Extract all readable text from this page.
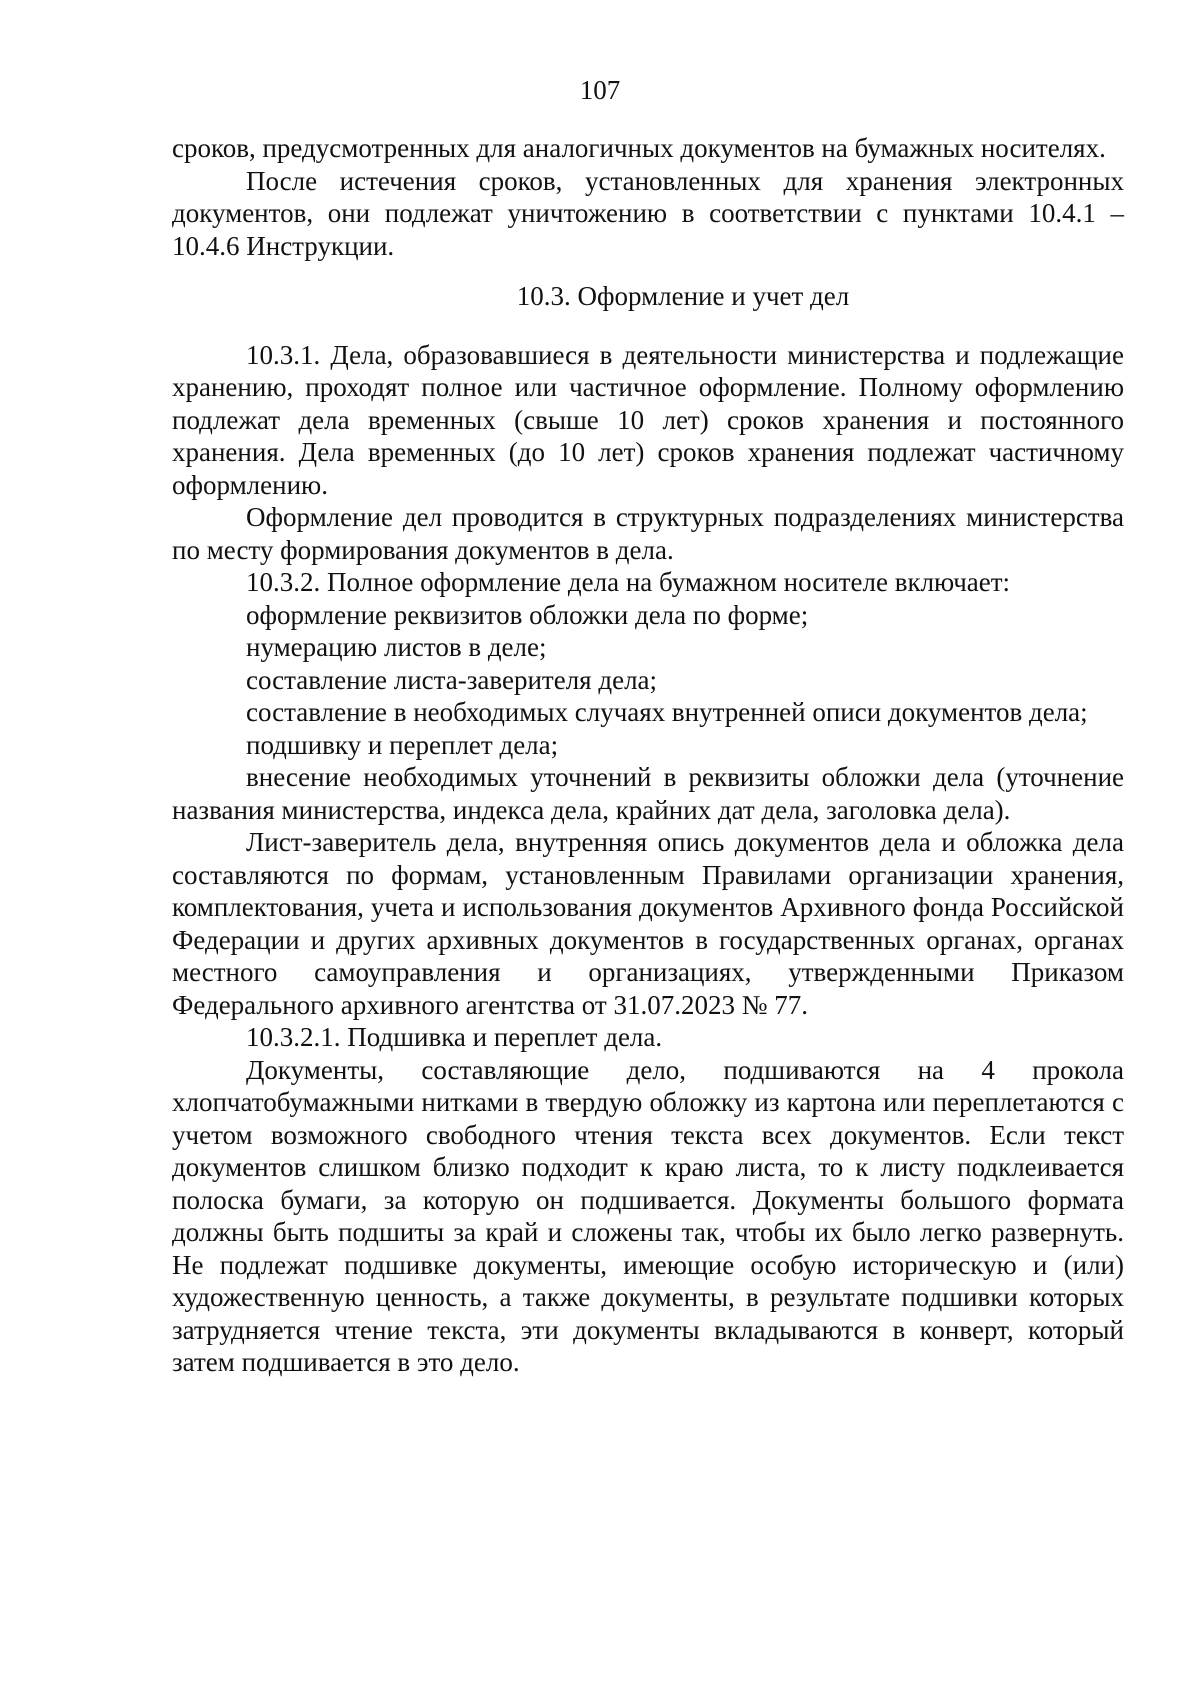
107

сроков, предусмотренных для аналогичных документов на бумажных носителях.

После истечения сроков, установленных для хранения электронных документов, они подлежат уничтожению в соответствии с пунктами 10.4.1 – 10.4.6 Инструкции.

10.3. Оформление и учет дел

10.3.1. Дела, образовавшиеся в деятельности министерства и подлежащие хранению, проходят полное или частичное оформление. Полному оформлению подлежат дела временных (свыше 10 лет) сроков хранения и постоянного хранения. Дела временных (до 10 лет) сроков хранения подлежат частичному оформлению.

Оформление дел проводится в структурных подразделениях министерства по месту формирования документов в дела.

10.3.2. Полное оформление дела на бумажном носителе включает:

оформление реквизитов обложки дела по форме;

нумерацию листов в деле;

составление листа-заверителя дела;

составление в необходимых случаях внутренней описи документов дела;

подшивку и переплет дела;

внесение необходимых уточнений в реквизиты обложки дела (уточнение названия министерства, индекса дела, крайних дат дела, заголовка дела).

Лист-заверитель дела, внутренняя опись документов дела и обложка дела составляются по формам, установленным Правилами организации хранения, комплектования, учета и использования документов Архивного фонда Российской Федерации и других архивных документов в государственных органах, органах местного самоуправления и организациях, утвержденными Приказом Федерального архивного агентства от 31.07.2023 № 77.

10.3.2.1. Подшивка и переплет дела.

Документы, составляющие дело, подшиваются на 4 прокола хлопчатобумажными нитками в твердую обложку из картона или переплетаются с учетом возможного свободного чтения текста всех документов. Если текст документов слишком близко подходит к краю листа, то к листу подклеивается полоска бумаги, за которую он подшивается. Документы большого формата должны быть подшиты за край и сложены так, чтобы их было легко развернуть. Не подлежат подшивке документы, имеющие особую историческую и (или) художественную ценность, а также документы, в результате подшивки которых затрудняется чтение текста, эти документы вкладываются в конверт, который затем подшивается в это дело.
